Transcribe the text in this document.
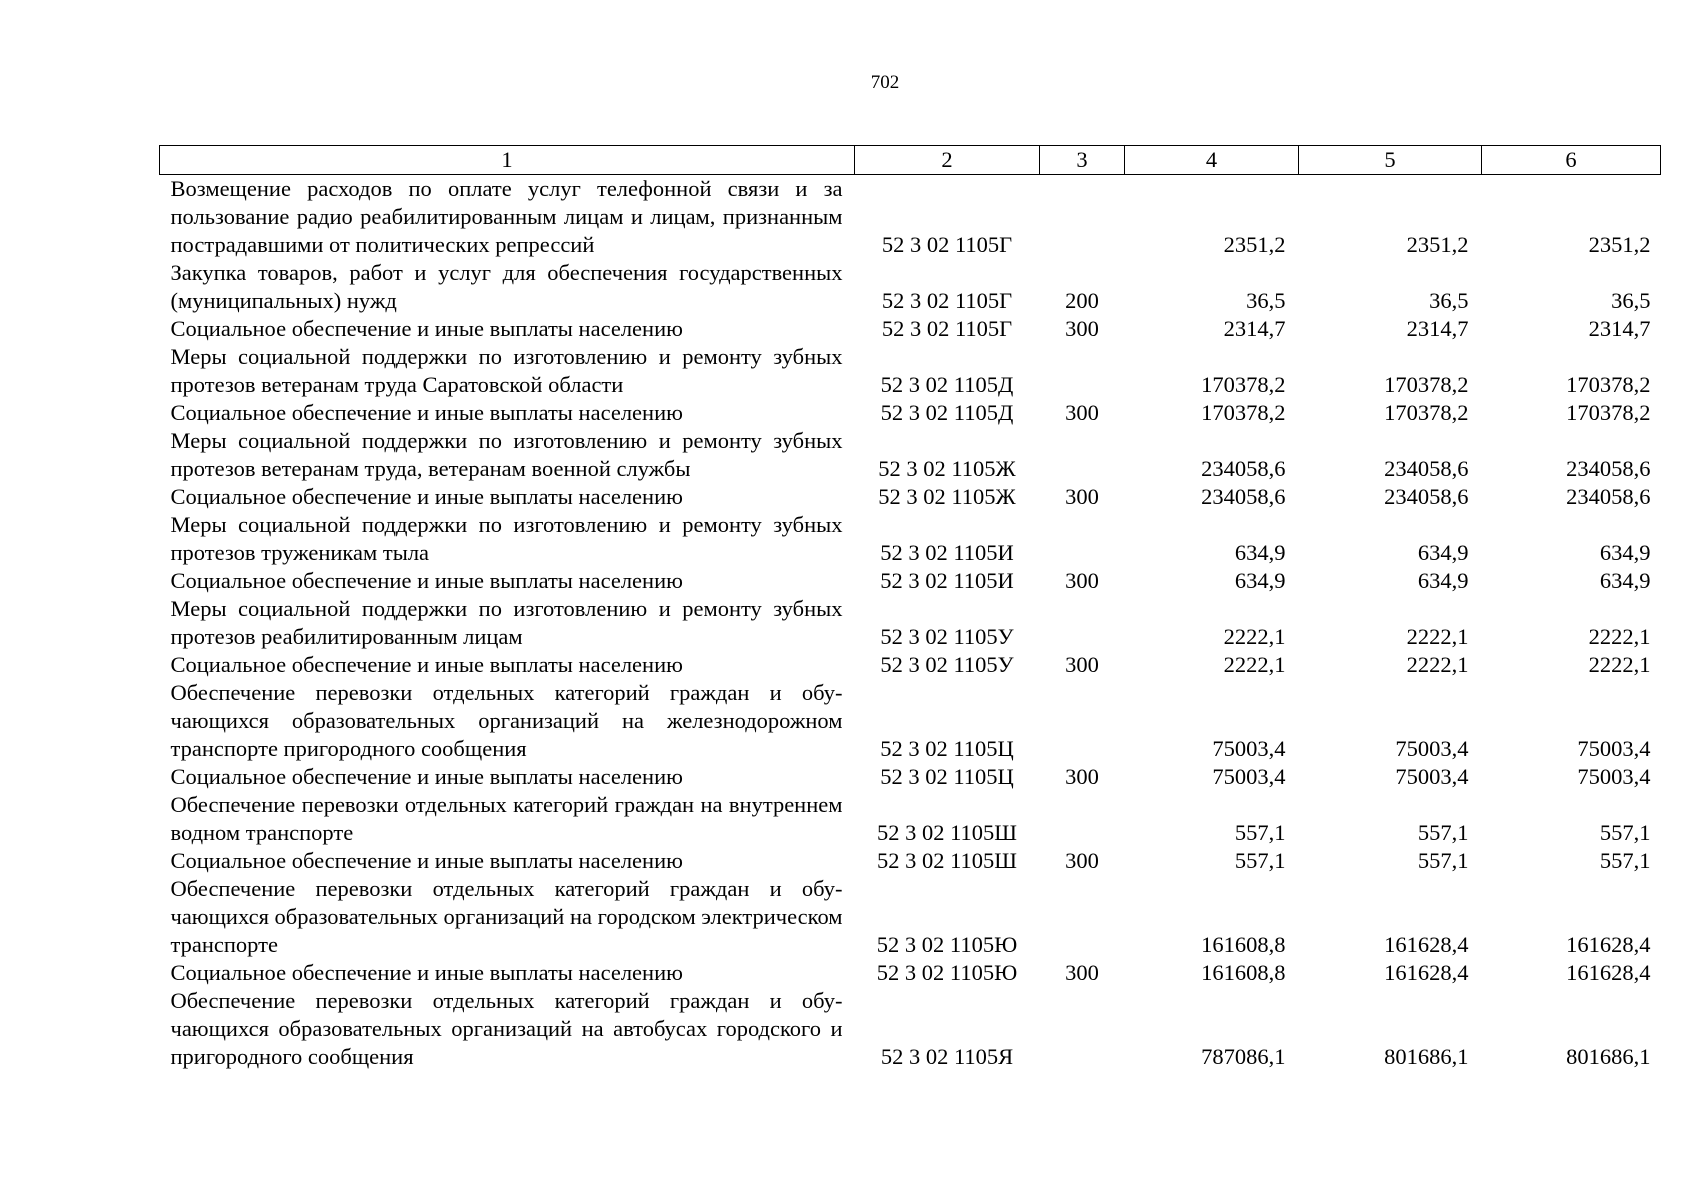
702
1	2	3	4	5	6
Возмещение расходов по оплате услуг телефонной связи и за пользование радио реабилитированным лицам и лицам, признанным пострадавшими от политических репрессий	52 3 02 1105Г		2351,2	2351,2	2351,2
Закупка товаров, работ и услуг для обеспечения государственных (муниципальных) нужд	52 3 02 1105Г	200	36,5	36,5	36,5
Социальное обеспечение и иные выплаты населению	52 3 02 1105Г	300	2314,7	2314,7	2314,7
Меры социальной поддержки по изготовлению и ремонту зубных протезов ветеранам труда Саратовской области	52 3 02 1105Д		170378,2	170378,2	170378,2
Социальное обеспечение и иные выплаты населению	52 3 02 1105Д	300	170378,2	170378,2	170378,2
Меры социальной поддержки по изготовлению и ремонту зубных протезов ветеранам труда, ветеранам военной службы	52 3 02 1105Ж		234058,6	234058,6	234058,6
Социальное обеспечение и иные выплаты населению	52 3 02 1105Ж	300	234058,6	234058,6	234058,6
Меры социальной поддержки по изготовлению и ремонту зубных протезов труженикам тыла	52 3 02 1105И		634,9	634,9	634,9
Социальное обеспечение и иные выплаты населению	52 3 02 1105И	300	634,9	634,9	634,9
Меры социальной поддержки по изготовлению и ремонту зубных протезов реабилитированным лицам	52 3 02 1105У		2222,1	2222,1	2222,1
Социальное обеспечение и иные выплаты населению	52 3 02 1105У	300	2222,1	2222,1	2222,1
Обеспечение перевозки отдельных категорий граждан и обучающихся образовательных организаций на железнодорожном транспорте пригородного сообщения	52 3 02 1105Ц		75003,4	75003,4	75003,4
Социальное обеспечение и иные выплаты населению	52 3 02 1105Ц	300	75003,4	75003,4	75003,4
Обеспечение перевозки отдельных категорий граждан на внутреннем водном транспорте	52 3 02 1105Ш		557,1	557,1	557,1
Социальное обеспечение и иные выплаты населению	52 3 02 1105Ш	300	557,1	557,1	557,1
Обеспечение перевозки отдельных категорий граждан и обучающихся образовательных организаций на городском электрическом транспорте	52 3 02 1105Ю		161608,8	161628,4	161628,4
Социальное обеспечение и иные выплаты населению	52 3 02 1105Ю	300	161608,8	161628,4	161628,4
Обеспечение перевозки отдельных категорий граждан и обучающихся образовательных организаций на автобусах городского и пригородного сообщения	52 3 02 1105Я		787086,1	801686,1	801686,1
